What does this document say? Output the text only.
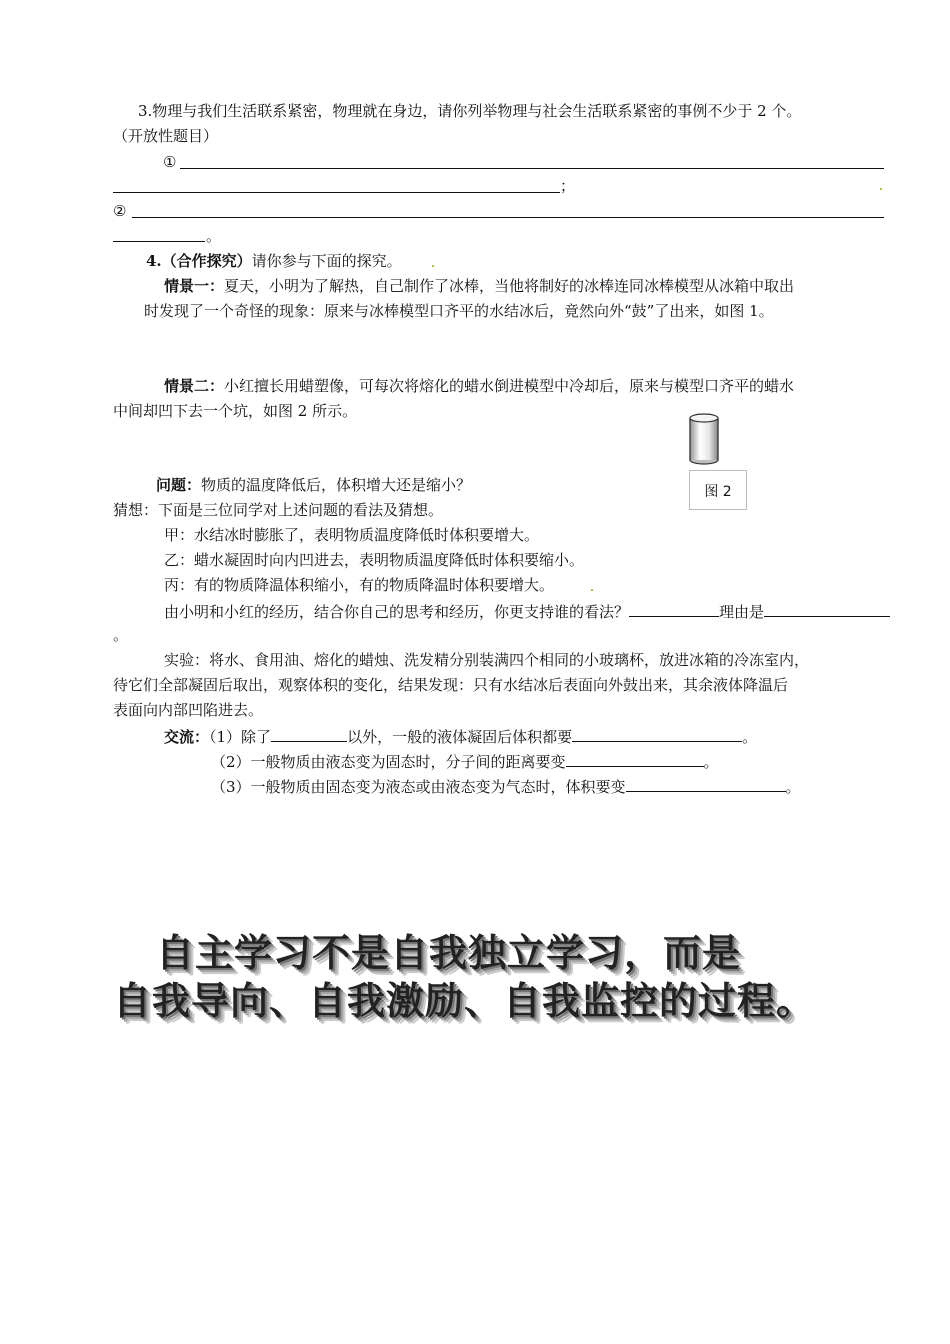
3.物理与我们生活联系紧密，物理就在身边，请你列举物理与社会生活联系紧密的事例不少于 2 个。
（开放性题目）
①
；
②
。
4.（合作探究）请你参与下面的探究。
情景一：夏天，小明为了解热，自己制作了冰棒，当他将制好的冰棒连同冰棒模型从冰箱中取出
时发现了一个奇怪的现象：原来与冰棒模型口齐平的水结冰后，竟然向外“鼓”了出来，如图 1。
情景二：小红擅长用蜡塑像，可每次将熔化的蜡水倒进模型中冷却后，原来与模型口齐平的蜡水
中间却凹下去一个坑，如图 2 所示。
图 2
问题：物质的温度降低后，体积增大还是缩小？
猜想：下面是三位同学对上述问题的看法及猜想。
甲：水结冰时膨胀了，表明物质温度降低时体积要增大。
乙：蜡水凝固时向内凹进去，表明物质温度降低时体积要缩小。
丙：有的物质降温体积缩小，有的物质降温时体积要增大。
由小明和小红的经历，结合你自己的思考和经历，你更支持谁的看法？	理由是
。
实验：将水、食用油、熔化的蜡烛、洗发精分别装满四个相同的小玻璃杯，放进冰箱的冷冻室内，
待它们全部凝固后取出，观察体积的变化，结果发现：只有水结冰后表面向外鼓出来，其余液体降温后
表面向内部凹陷进去。
交流：（1）除了	以外，一般的液体凝固后体积都要	。
（2）一般物质由液态变为固态时，分子间的距离要变	。
（3）一般物质由固态变为液态或由液态变为气态时，体积要变	。
自主学习不是自我独立学习，而是
自我导向、自我激励、自我监控的过程。
